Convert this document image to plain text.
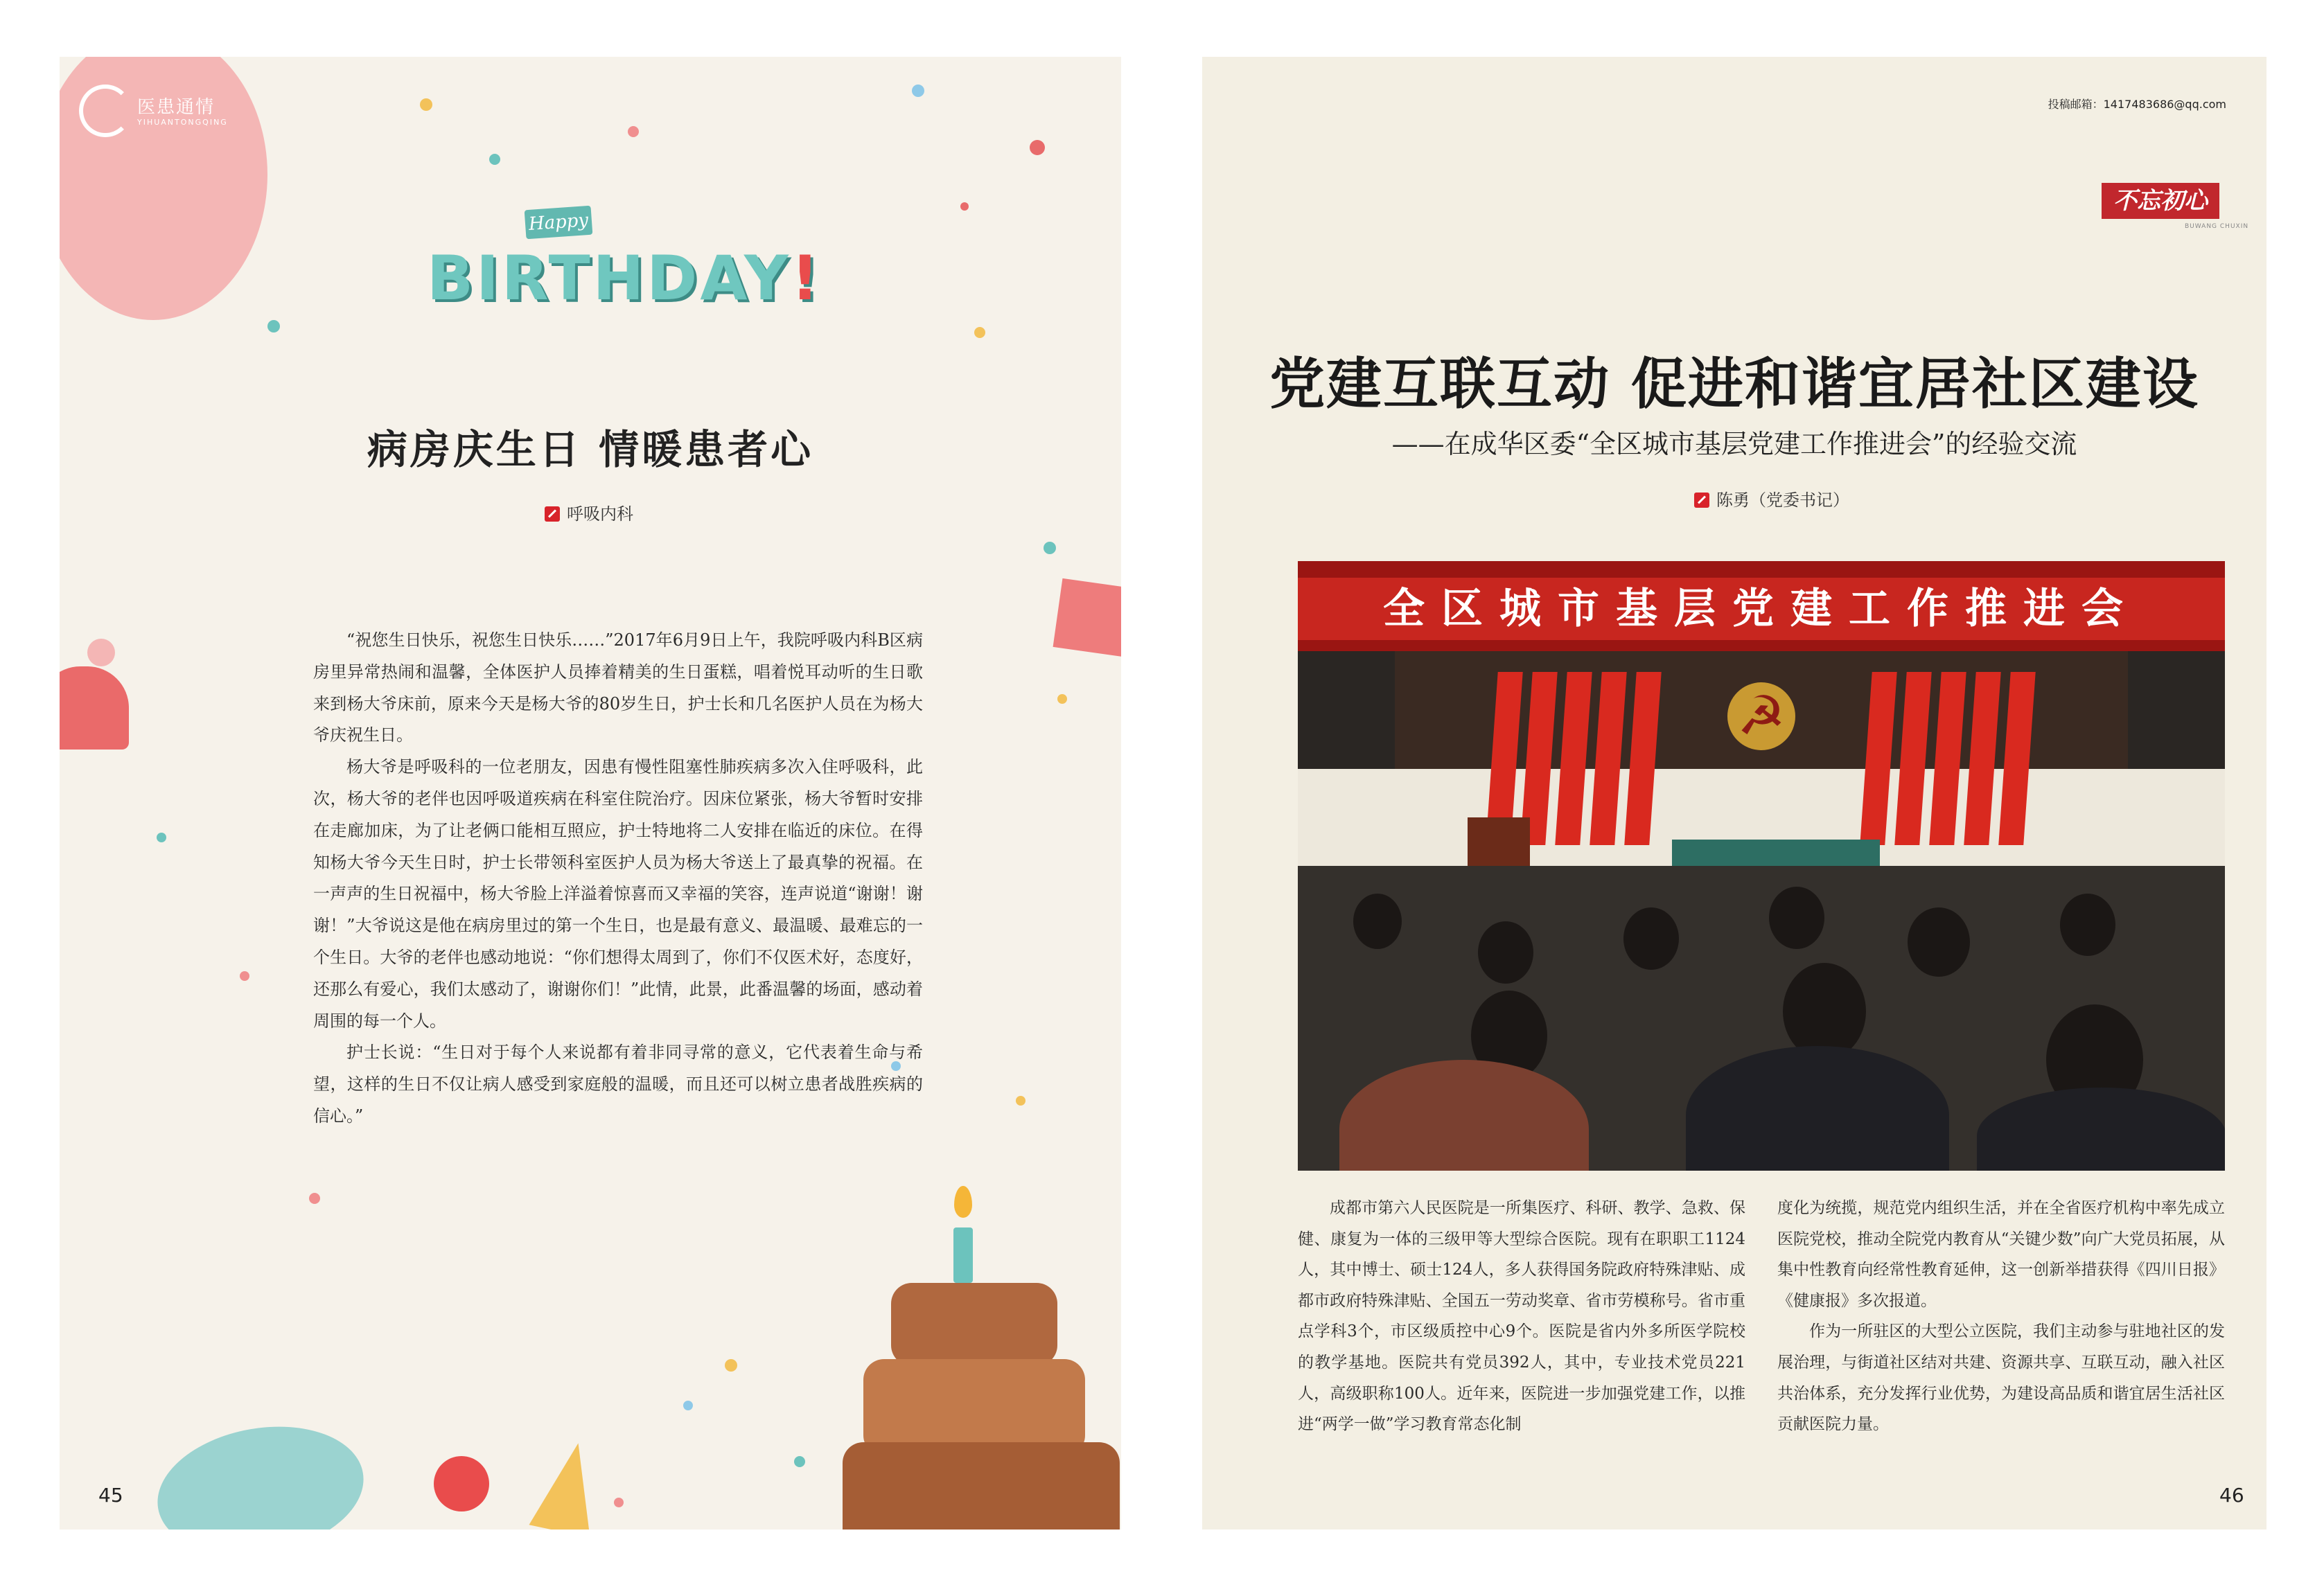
医患通情
YIHUANTONGQING
Happy
BIRTHDAY!
病房庆生日 情暖患者心
呼吸内科

“祝您生日快乐，祝您生日快乐……”2017年6月9日上午，我院呼吸内科B区病房里异常热闹和温馨，全体医护人员捧着精美的生日蛋糕，唱着悦耳动听的生日歌来到杨大爷床前，原来今天是杨大爷的80岁生日，护士长和几名医护人员在为杨大爷庆祝生日。

杨大爷是呼吸科的一位老朋友，因患有慢性阻塞性肺疾病多次入住呼吸科，此次，杨大爷的老伴也因呼吸道疾病在科室住院治疗。因床位紧张，杨大爷暂时安排在走廊加床，为了让老俩口能相互照应，护士特地将二人安排在临近的床位。在得知杨大爷今天生日时，护士长带领科室医护人员为杨大爷送上了最真挚的祝福。在一声声的生日祝福中，杨大爷脸上洋溢着惊喜而又幸福的笑容，连声说道“谢谢！谢谢！”大爷说这是他在病房里过的第一个生日，也是最有意义、最温暖、最难忘的一个生日。大爷的老伴也感动地说：“你们想得太周到了，你们不仅医术好，态度好，还那么有爱心，我们太感动了，谢谢你们！”此情，此景，此番温馨的场面，感动着周围的每一个人。

护士长说：“生日对于每个人来说都有着非同寻常的意义，它代表着生命与希望，这样的生日不仅让病人感受到家庭般的温暖，而且还可以树立患者战胜疾病的信心。”

45
投稿邮箱：1417483686@qq.com
不忘初心
BUWANG CHUXIN
党建互联互动 促进和谐宜居社区建设
——在成华区委“全区城市基层党建工作推进会”的经验交流
陈勇（党委书记）
☭
全区城市基层党建工作推进会

成都市第六人民医院是一所集医疗、科研、教学、急救、保健、康复为一体的三级甲等大型综合医院。现有在职职工1124人，其中博士、硕士124人，多人获得国务院政府特殊津贴、成都市政府特殊津贴、全国五一劳动奖章、省市劳模称号。省市重点学科3个，市区级质控中心9个。医院是省内外多所医学院校的教学基地。医院共有党员392人，其中，专业技术党员221人，高级职称100人。近年来，医院进一步加强党建工作，以推进“两学一做”学习教育常态化制

度化为统揽，规范党内组织生活，并在全省医疗机构中率先成立医院党校，推动全院党内教育从“关键少数”向广大党员拓展，从集中性教育向经常性教育延伸，这一创新举措获得《四川日报》《健康报》多次报道。

作为一所驻区的大型公立医院，我们主动参与驻地社区的发展治理，与街道社区结对共建、资源共享、互联互动，融入社区共治体系，充分发挥行业优势，为建设高品质和谐宜居生活社区贡献医院力量。

46
